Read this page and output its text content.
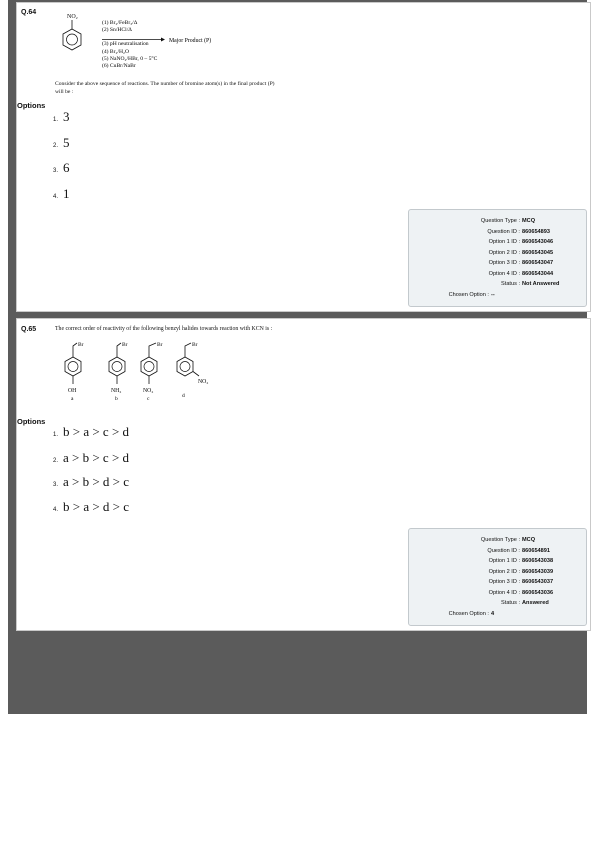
Q.64
NO₂
(1) Br₂/FeBr₃/Δ
(2) Sn/HCl/Δ
(3) pH neutralisation
(4) Br₂/H₂O
(5) NaNO₂/HBr, 0 – 5°C
(6) CuBr/NaBr
Major Product (P)
Consider the above sequence of reactions. The number of bromine atom(s) in the final product (P)
will be :
Options
1. 3
2. 5
3. 6
4. 1
Question Type : MCQ
Question ID : 860654893
Option 1 ID : 8606543046
Option 2 ID : 8606543045
Option 3 ID : 8606543047
Option 4 ID : 8606543044
Status : Not Answered
Chosen Option : --
Q.65	The correct order of reactivity of the following benzyl halides towards reaction with KCN is :
Br
OH
a
Br
NH₂
b
Br
NO₂
c
Br
NO₂
d
Options
1. b > a > c > d
2. a > b > c > d
3. a > b > d > c
4. b > a > d > c
Question Type : MCQ
Question ID : 860654891
Option 1 ID : 8606543038
Option 2 ID : 8606543039
Option 3 ID : 8606543037
Option 4 ID : 8606543036
Status : Answered
Chosen Option : 4
